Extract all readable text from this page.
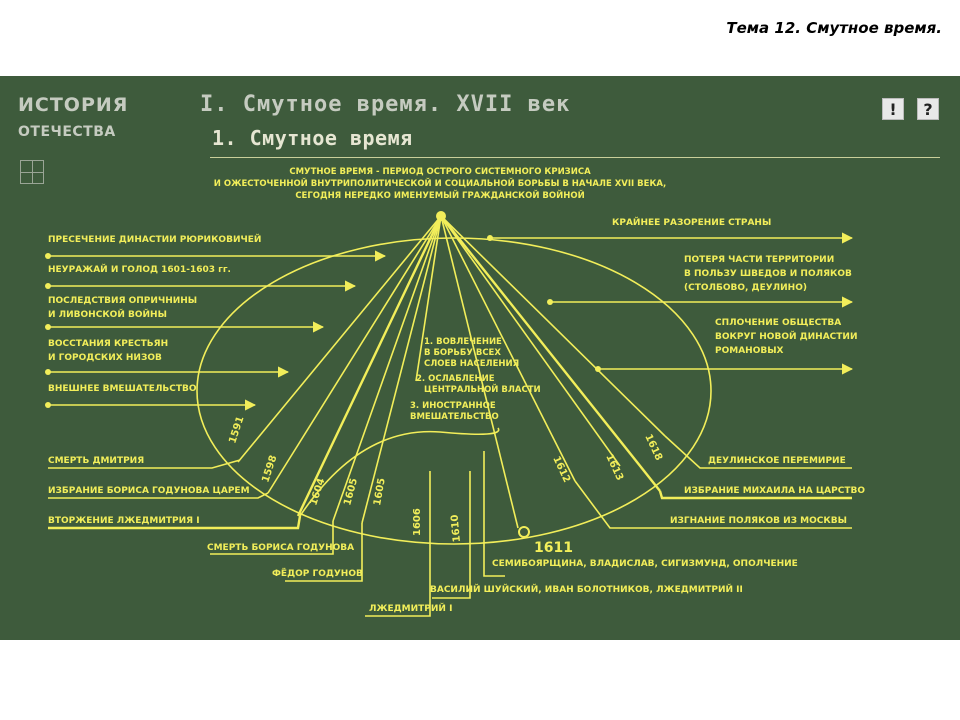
Тема 12. Смутное время.
1591
1598
1604 1605 1605
1606	1610
1611
1612	1613
1618
ИСТОРИЯ
ОТЕЧЕСТВА
I. Смутное время. XVII век
1. Смутное время
!	?
СМУТНОЕ ВРЕМЯ - ПЕРИОД ОСТРОГО СИСТЕМНОГО КРИЗИСА
И ОЖЕСТОЧЕННОЙ ВНУТРИПОЛИТИЧЕСКОЙ И СОЦИАЛЬНОЙ БОРЬБЫ В НАЧАЛЕ XVII ВЕКА,
СЕГОДНЯ НЕРЕДКО ИМЕНУЕМЫЙ ГРАЖДАНСКОЙ ВОЙНОЙ
ПРЕСЕЧЕНИЕ ДИНАСТИИ РЮРИКОВИЧЕЙ
НЕУРАЖАЙ И ГОЛОД 1601-1603 гг.
ПОСЛЕДСТВИЯ ОПРИЧНИНЫ
И ЛИВОНСКОЙ ВОЙНЫ
ВОССТАНИЯ КРЕСТЬЯН
И ГОРОДСКИХ НИЗОВ
ВНЕШНЕЕ ВМЕШАТЕЛЬСТВО
КРАЙНЕЕ РАЗОРЕНИЕ СТРАНЫ
ПОТЕРЯ ЧАСТИ ТЕРРИТОРИИ
В ПОЛЬЗУ ШВЕДОВ И ПОЛЯКОВ
(СТОЛБОВО, ДЕУЛИНО)
СПЛОЧЕНИЕ ОБЩЕСТВА
ВОКРУГ НОВОЙ ДИНАСТИИ
РОМАНОВЫХ
1. ВОВЛЕЧЕНИЕ
В БОРЬБУ ВСЕХ
СЛОЕВ НАСЕЛЕНИЯ
2. ОСЛАБЛЕНИЕ
ЦЕНТРАЛЬНОЙ ВЛАСТИ
3. ИНОСТРАННОЕ
ВМЕШАТЕЛЬСТВО
СМЕРТЬ ДМИТРИЯ
ИЗБРАНИЕ БОРИСА ГОДУНОВА ЦАРЕМ
ВТОРЖЕНИЕ ЛЖЕДМИТРИЯ I
ДЕУЛИНСКОЕ ПЕРЕМИРИЕ
ИЗБРАНИЕ МИХАИЛА НА ЦАРСТВО
ИЗГНАНИЕ ПОЛЯКОВ ИЗ МОСКВЫ
СМЕРТЬ БОРИСА ГОДУНОВА
ФЁДОР ГОДУНОВ
ЛЖЕДМИТРИЙ I
ВАСИЛИЙ ШУЙСКИЙ, ИВАН БОЛОТНИКОВ, ЛЖЕДМИТРИЙ II
СЕМИБОЯРЩИНА, ВЛАДИСЛАВ, СИГИЗМУНД, ОПОЛЧЕНИЕ
